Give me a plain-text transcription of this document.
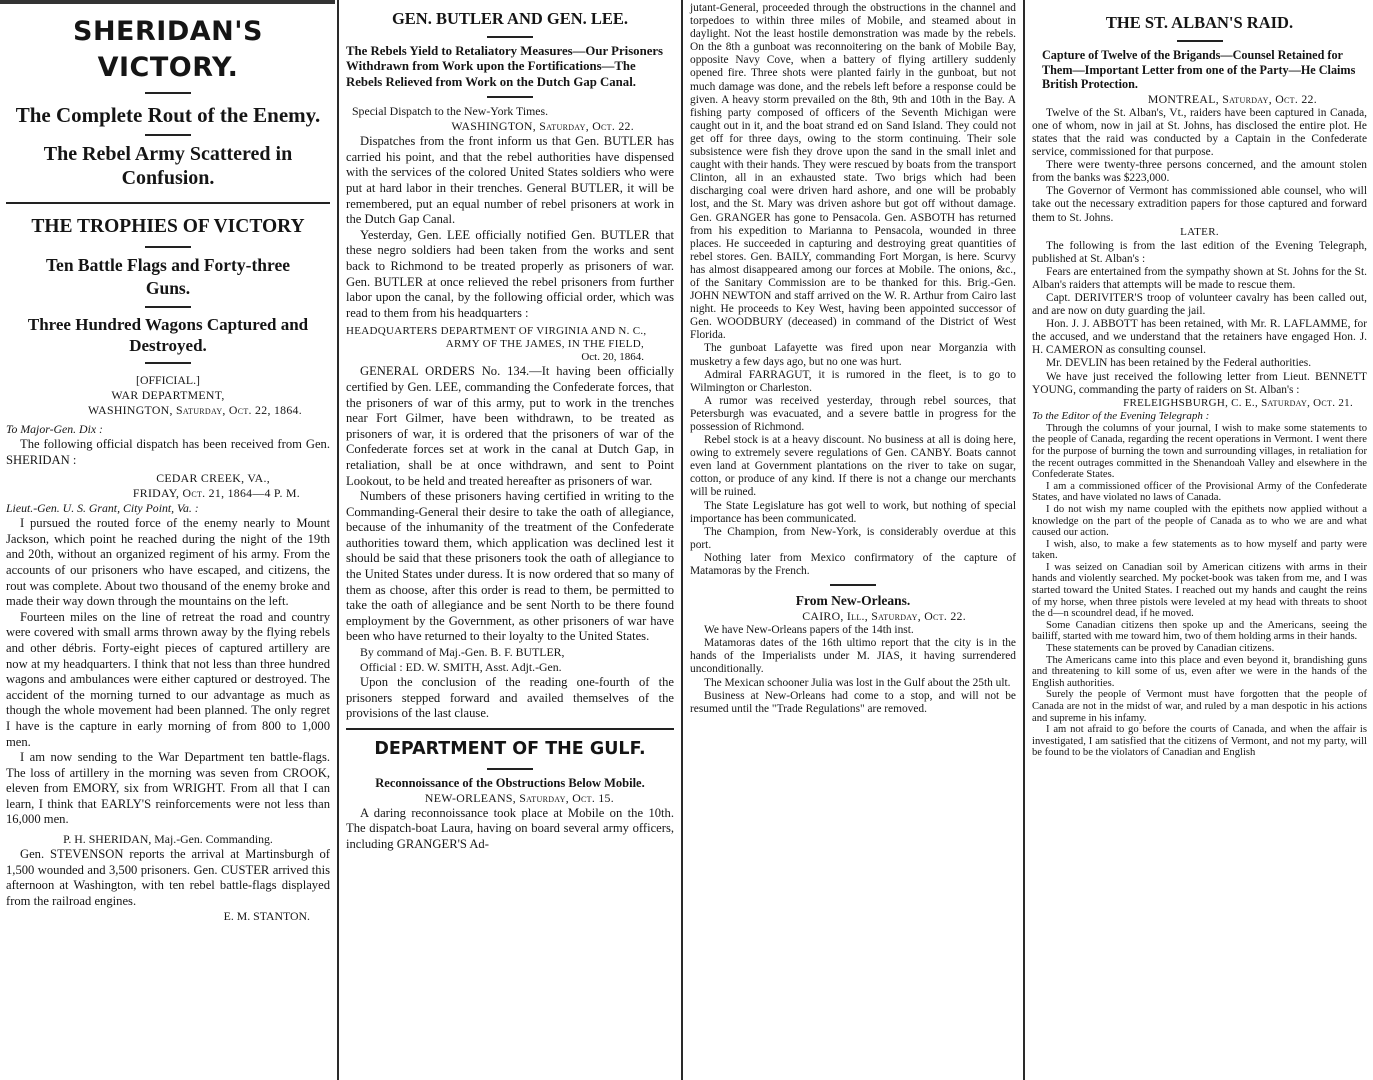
SHERIDAN'S VICTORY.
The Complete Rout of the Enemy.
The Rebel Army Scattered in Confusion.
THE TROPHIES OF VICTORY
Ten Battle Flags and Forty-three Guns.
Three Hundred Wagons Captured and Destroyed.

[OFFICIAL.]

WAR DEPARTMENT,

WASHINGTON, Saturday, Oct. 22, 1864.

To Major-Gen. Dix :

The following official dispatch has been received from Gen. SHERIDAN :

CEDAR CREEK, VA.,

FRIDAY, Oct. 21, 1864—4 P. M.

Lieut.-Gen. U. S. Grant, City Point, Va. :

I pursued the routed force of the enemy nearly to Mount Jackson, which point he reached during the night of the 19th and 20th, without an organized regiment of his army. From the accounts of our prisoners who have escaped, and citizens, the rout was complete. About two thousand of the enemy broke and made their way down through the mountains on the left.

Fourteen miles on the line of retreat the road and country were covered with small arms thrown away by the flying rebels and other débris. Forty-eight pieces of captured artillery are now at my headquarters. I think that not less than three hundred wagons and ambulances were either captured or destroyed. The accident of the morning turned to our advantage as much as though the whole movement had been planned. The only regret I have is the capture in early morning of from 800 to 1,000 men.

I am now sending to the War Department ten battle-flags. The loss of artillery in the morning was seven from CROOK, eleven from EMORY, six from WRIGHT. From all that I can learn, I think that EARLY'S reinforcements were not less than 16,000 men.

P. H. SHERIDAN, Maj.-Gen. Commanding.

Gen. STEVENSON reports the arrival at Martinsburgh of 1,500 wounded and 3,500 prisoners. Gen. CUSTER arrived this afternoon at Washington, with ten rebel battle-flags displayed from the railroad engines.

E. M. STANTON.

GEN. BUTLER AND GEN. LEE.

The Rebels Yield to Retaliatory Measures—Our Prisoners Withdrawn from Work upon the Fortifications—The Rebels Relieved from Work on the Dutch Gap Canal.

Special Dispatch to the New-York Times.

WASHINGTON, Saturday, Oct. 22.

Dispatches from the front inform us that Gen. BUTLER has carried his point, and that the rebel authorities have dispensed with the services of the colored United States soldiers who were put at hard labor in their trenches. General BUTLER, it will be remembered, put an equal number of rebel prisoners at work in the Dutch Gap Canal.

Yesterday, Gen. LEE officially notified Gen. BUTLER that these negro soldiers had been taken from the works and sent back to Richmond to be treated properly as prisoners of war. Gen. BUTLER at once relieved the rebel prisoners from further labor upon the canal, by the following official order, which was read to them from his headquarters :

HEADQUARTERS DEPARTMENT OF VIRGINIA AND N. C.,

ARMY OF THE JAMES, IN THE FIELD,

Oct. 20, 1864.

GENERAL ORDERS No. 134.—It having been officially certified by Gen. LEE, commanding the Confederate forces, that the prisoners of war of this army, put to work in the trenches near Fort Gilmer, have been withdrawn, to be treated as prisoners of war, it is ordered that the prisoners of war of the Confederate forces set at work in the canal at Dutch Gap, in retaliation, shall be at once withdrawn, and sent to Point Lookout, to be held and treated hereafter as prisoners of war.

Numbers of these prisoners having certified in writing to the Commanding-General their desire to take the oath of allegiance, because of the inhumanity of the treatment of the Confederate authorities toward them, which application was declined lest it should be said that these prisoners took the oath of allegiance to the United States under duress. It is now ordered that so many of them as choose, after this order is read to them, be permitted to take the oath of allegiance and be sent North to be there found employment by the Government, as other prisoners of war have been who have returned to their loyalty to the United States.

By command of Maj.-Gen. B. F. BUTLER,

Official : ED. W. SMITH, Asst. Adjt.-Gen.

Upon the conclusion of the reading one-fourth of the prisoners stepped forward and availed themselves of the provisions of the last clause.

DEPARTMENT OF THE GULF.

Reconnoissance of the Obstructions Below Mobile.

NEW-ORLEANS, Saturday, Oct. 15.

A daring reconnoissance took place at Mobile on the 10th. The dispatch-boat Laura, having on board several army officers, including GRANGER'S Ad-

jutant-General, proceeded through the obstructions in the channel and torpedoes to within three miles of Mobile, and steamed about in daylight. Not the least hostile demonstration was made by the rebels. On the 8th a gunboat was reconnoitering on the bank of Mobile Bay, opposite Navy Cove, when a battery of flying artillery suddenly opened fire. Three shots were planted fairly in the gunboat, but not much damage was done, and the rebels left before a response could be given. A heavy storm prevailed on the 8th, 9th and 10th in the Bay. A fishing party composed of officers of the Seventh Michigan were caught out in it, and the boat strand ed on Sand Island. They could not get off for three days, owing to the storm continuing. Their sole subsistence were fish they drove upon the sand in the small inlet and caught with their hands. They were rescued by boats from the transport Clinton, all in an exhausted state. Two brigs which had been discharging coal were driven hard ashore, and one will be probably lost, and the St. Mary was driven ashore but got off without damage. Gen. GRANGER has gone to Pensacola. Gen. ASBOTH has returned from his expedition to Marianna to Pensacola, wounded in three places. He succeeded in capturing and destroying great quantities of rebel stores. Gen. BAILY, commanding Fort Morgan, is here. Scurvy has almost disappeared among our forces at Mobile. The onions, &c., of the Sanitary Commission are to be thanked for this. Brig.-Gen. JOHN NEWTON and staff arrived on the W. R. Arthur from Cairo last night. He proceeds to Key West, having been appointed successor of Gen. WOODBURY (deceased) in command of the District of West Florida.

The gunboat Lafayette was fired upon near Morganzia with musketry a few days ago, but no one was hurt.

Admiral FARRAGUT, it is rumored in the fleet, is to go to Wilmington or Charleston.

A rumor was received yesterday, through rebel sources, that Petersburgh was evacuated, and a severe battle in progress for the possession of Richmond.

Rebel stock is at a heavy discount. No business at all is doing here, owing to extremely severe regulations of Gen. CANBY. Boats cannot even land at Government plantations on the river to take on sugar, cotton, or produce of any kind. If there is not a change our merchants will be ruined.

The State Legislature has got well to work, but nothing of special importance has been communicated.

The Champion, from New-York, is considerably overdue at this port.

Nothing later from Mexico confirmatory of the capture of Matamoras by the French.

From New-Orleans.

CAIRO, Ill., Saturday, Oct. 22.

We have New-Orleans papers of the 14th inst.

Matamoras dates of the 16th ultimo report that the city is in the hands of the Imperialists under M. JIAS, it having surrendered unconditionally.

The Mexican schooner Julia was lost in the Gulf about the 25th ult.

Business at New-Orleans had come to a stop, and will not be resumed until the "Trade Regulations" are removed.

THE ST. ALBAN'S RAID.

Capture of Twelve of the Brigands—Counsel Retained for Them—Important Letter from one of the Party—He Claims British Protection.

MONTREAL, Saturday, Oct. 22.

Twelve of the St. Alban's, Vt., raiders have been captured in Canada, one of whom, now in jail at St. Johns, has disclosed the entire plot. He states that the raid was conducted by a Captain in the Confederate service, commissioned for that purpose.

There were twenty-three persons concerned, and the amount stolen from the banks was $223,000.

The Governor of Vermont has commissioned able counsel, who will take out the necessary extradition papers for those captured and forward them to St. Johns.

LATER.

The following is from the last edition of the Evening Telegraph, published at St. Alban's :

Fears are entertained from the sympathy shown at St. Johns for the St. Alban's raiders that attempts will be made to rescue them.

Capt. DERIVITER'S troop of volunteer cavalry has been called out, and are now on duty guarding the jail.

Hon. J. J. ABBOTT has been retained, with Mr. R. LAFLAMME, for the accused, and we understand that the retainers have engaged Hon. J. H. CAMERON as consulting counsel.

Mr. DEVLIN has been retained by the Federal authorities.

We have just received the following letter from Lieut. BENNETT YOUNG, commanding the party of raiders on St. Alban's :

FRELEIGHSBURGH, C. E., Saturday, Oct. 21.

To the Editor of the Evening Telegraph :

Through the columns of your journal, I wish to make some statements to the people of Canada, regarding the recent operations in Vermont. I went there for the purpose of burning the town and surrounding villages, in retaliation for the recent outrages committed in the Shenandoah Valley and elsewhere in the Confederate States.

I am a commissioned officer of the Provisional Army of the Confederate States, and have violated no laws of Canada.

I do not wish my name coupled with the epithets now applied without a knowledge on the part of the people of Canada as to who we are and what caused our action.

I wish, also, to make a few statements as to how myself and party were taken.

I was seized on Canadian soil by American citizens with arms in their hands and violently searched. My pocket-book was taken from me, and I was started toward the United States. I reached out my hands and caught the reins of my horse, when three pistols were leveled at my head with threats to shoot the d—n scoundrel dead, if he moved.

Some Canadian citizens then spoke up and the Americans, seeing the bailiff, started with me toward him, two of them holding arms in their hands.

These statements can be proved by Canadian citizens.

The Americans came into this place and even beyond it, brandishing guns and threatening to kill some of us, even after we were in the hands of the English authorities.

Surely the people of Vermont must have forgotten that the people of Canada are not in the midst of war, and ruled by a man despotic in his actions and supreme in his infamy.

I am not afraid to go before the courts of Canada, and when the affair is investigated, I am satisfied that the citizens of Vermont, and not my party, will be found to be the violators of Canadian and English
